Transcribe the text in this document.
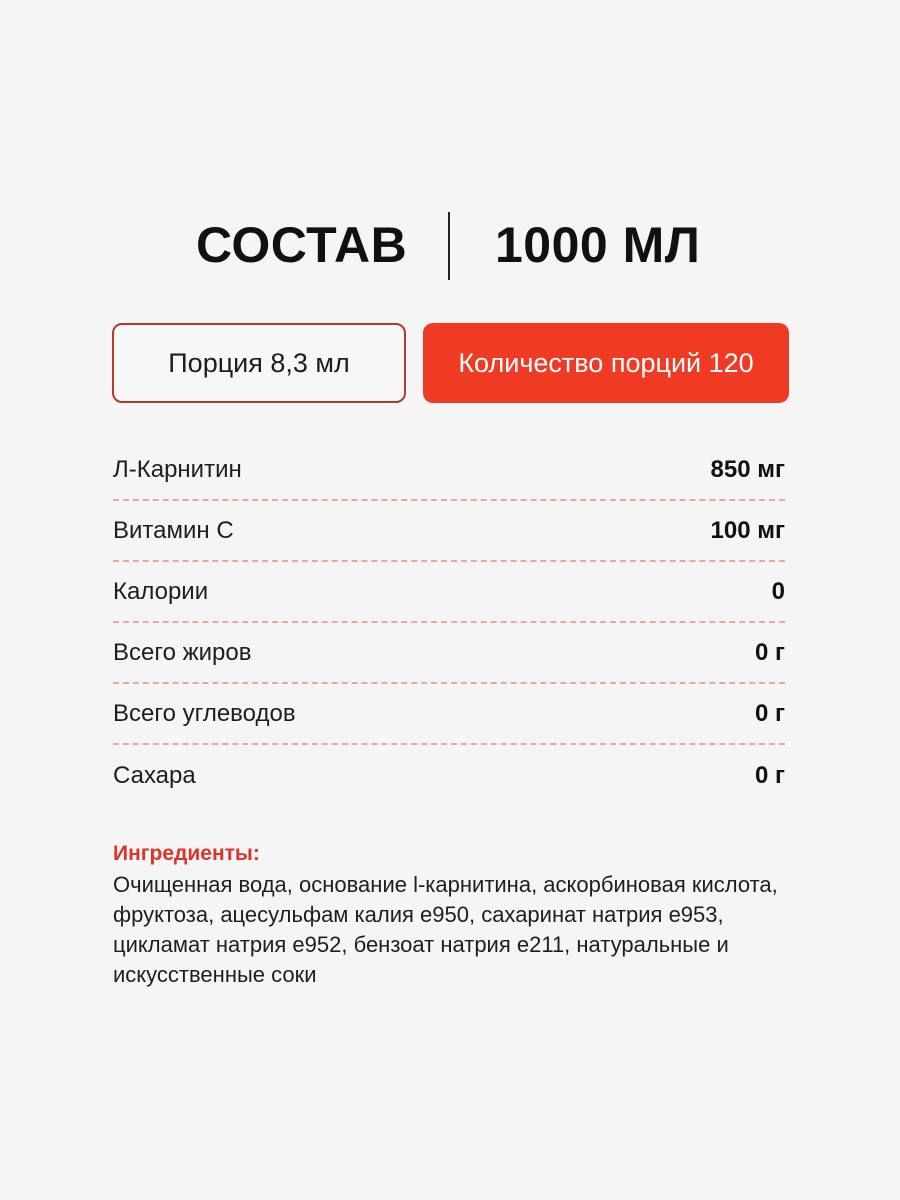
СОСТАВ 1000 МЛ
Порция 8,3 мл	Количество порций 120
Л-Карнитин	850 мг
Витамин С	100 мг
Калории	0
Всего жиров	0 г
Всего углеводов	0 г
Сахара	0 г
Ингредиенты:
Очищенная вода, основание l-карнитина, аскорбиновая кислота, фруктоза, ацесульфам калия е950, сахаринат натрия е953, цикламат натрия е952, бензоат натрия е211, натуральные и искусственные соки
